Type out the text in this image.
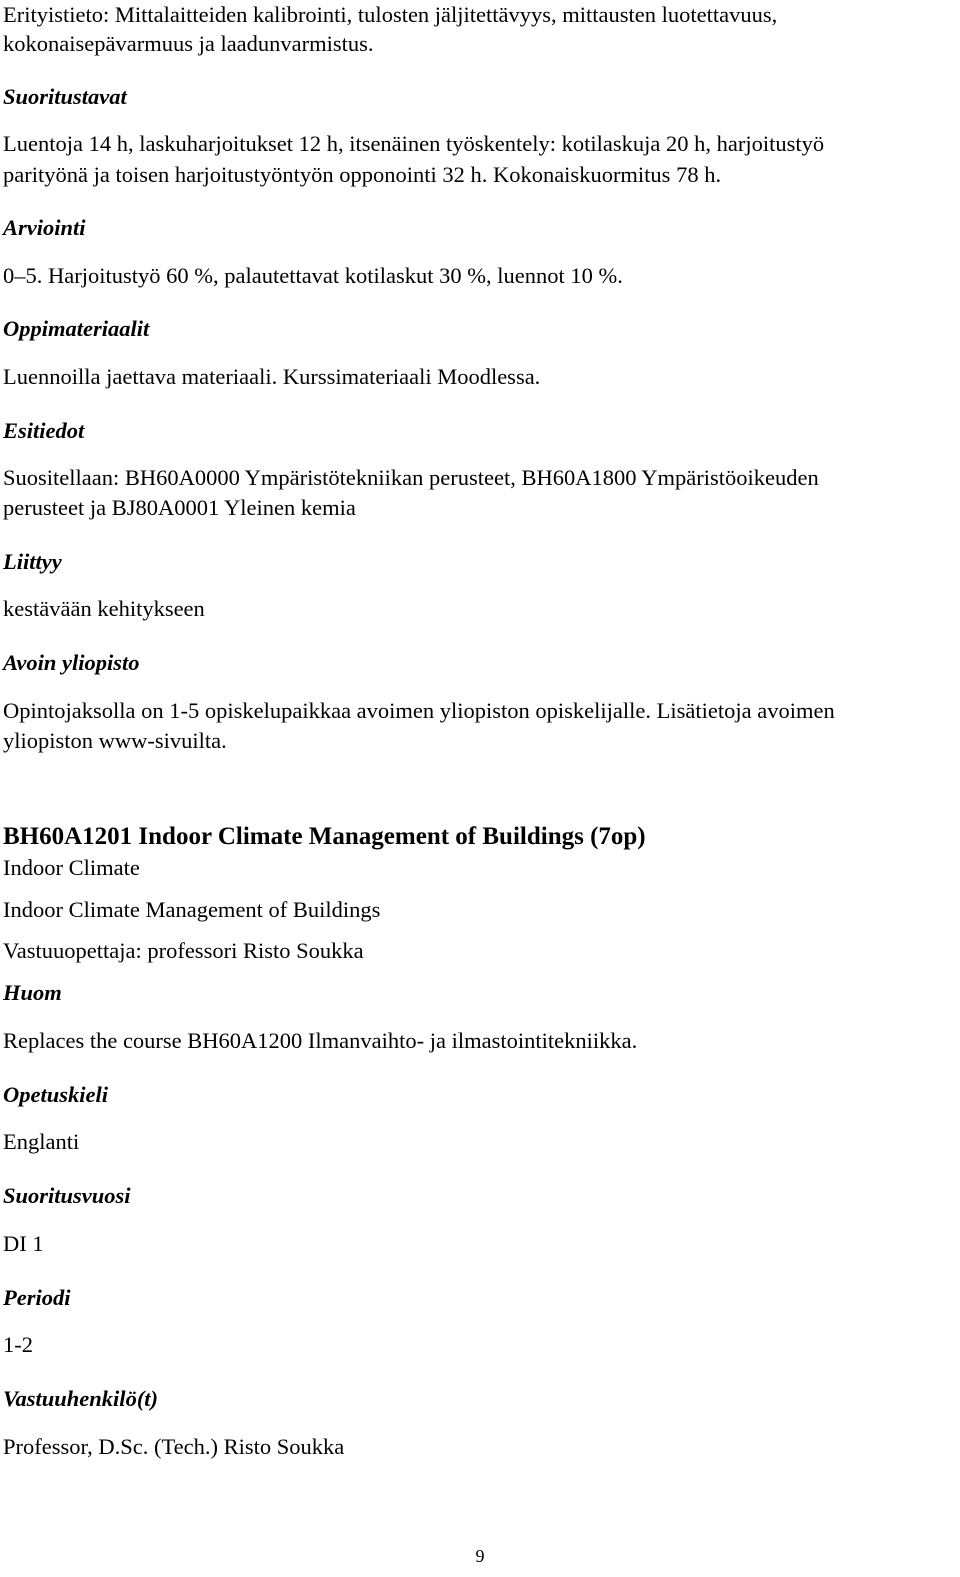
Erityistieto: Mittalaitteiden kalibrointi, tulosten jäljitettävyys, mittausten luotettavuus,

kokonaisepävarmuus ja laadunvarmistus.

Suoritustavat

Luentoja 14 h, laskuharjoitukset 12 h, itsenäinen työskentely: kotilaskuja 20 h, harjoitustyö

parityönä ja toisen harjoitustyöntyön opponointi 32 h. Kokonaiskuormitus 78 h.

Arviointi

0–5. Harjoitustyö 60 %, palautettavat kotilaskut 30 %, luennot 10 %.

Oppimateriaalit

Luennoilla jaettava materiaali. Kurssimateriaali Moodlessa.

Esitiedot

Suositellaan: BH60A0000 Ympäristötekniikan perusteet, BH60A1800 Ympäristöoikeuden

perusteet ja BJ80A0001 Yleinen kemia

Liittyy

kestävään kehitykseen

Avoin yliopisto

Opintojaksolla on 1-5 opiskelupaikkaa avoimen yliopiston opiskelijalle. Lisätietoja avoimen

yliopiston www-sivuilta.

BH60A1201 Indoor Climate Management of Buildings (7op)

Indoor Climate

Indoor Climate Management of Buildings

Vastuuopettaja: professori Risto Soukka

Huom

Replaces the course BH60A1200 Ilmanvaihto- ja ilmastointitekniikka.

Opetuskieli

Englanti

Suoritusvuosi

DI 1

Periodi

1-2

Vastuuhenkilö(t)

Professor, D.Sc. (Tech.) Risto Soukka

9
